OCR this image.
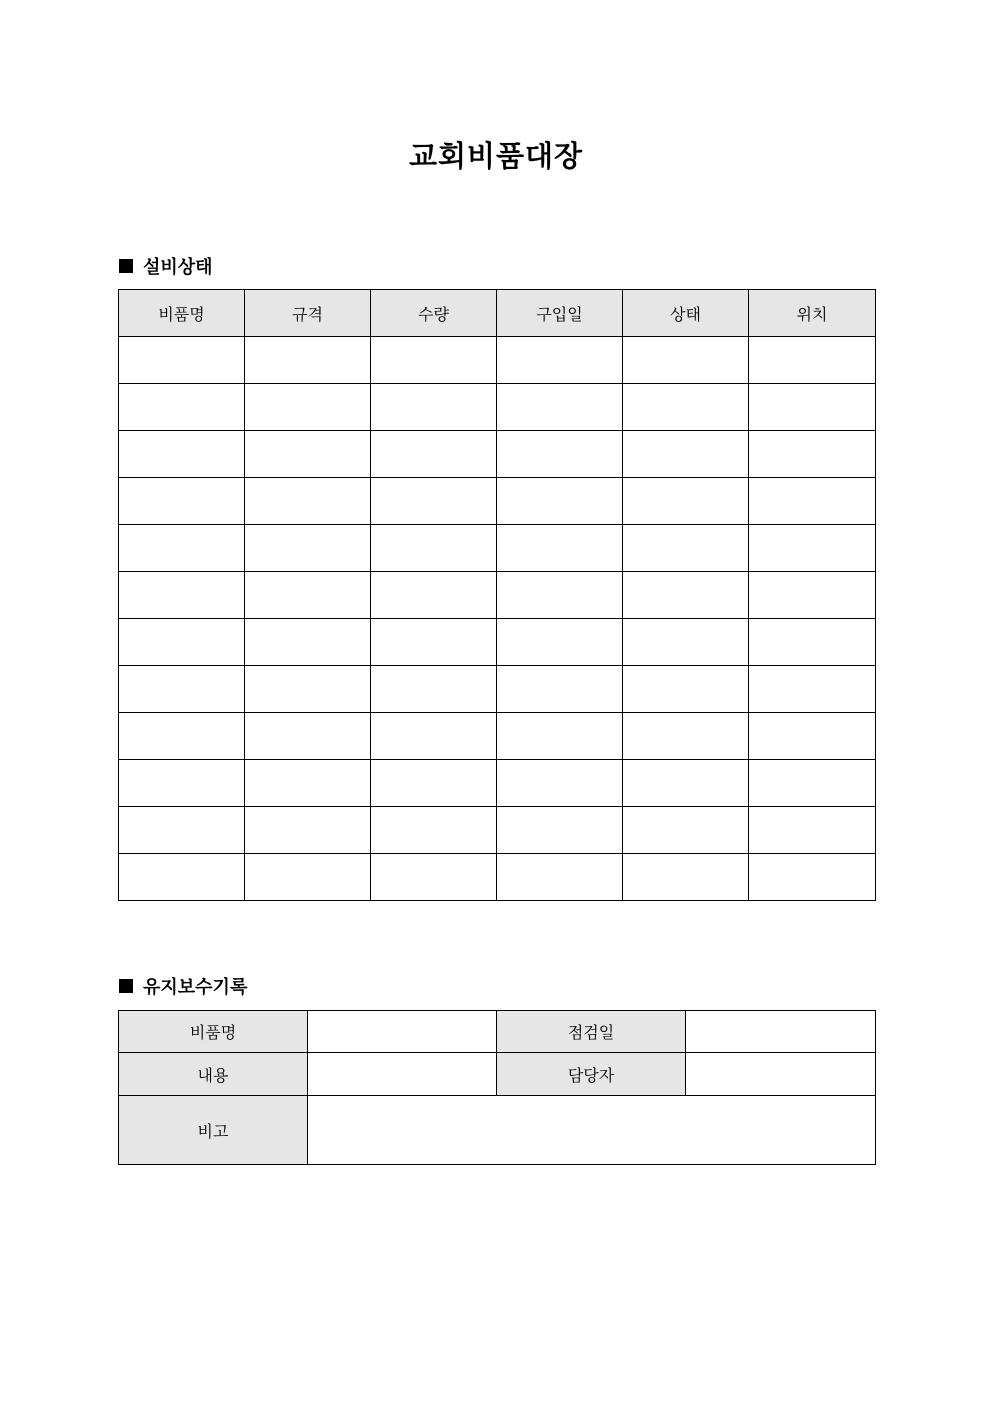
교회비품대장
설비상태
비품명	규격	수량	구입일	상태	위치

유지보수기록
비품명		점검일	
내용		담당자	
비고			
